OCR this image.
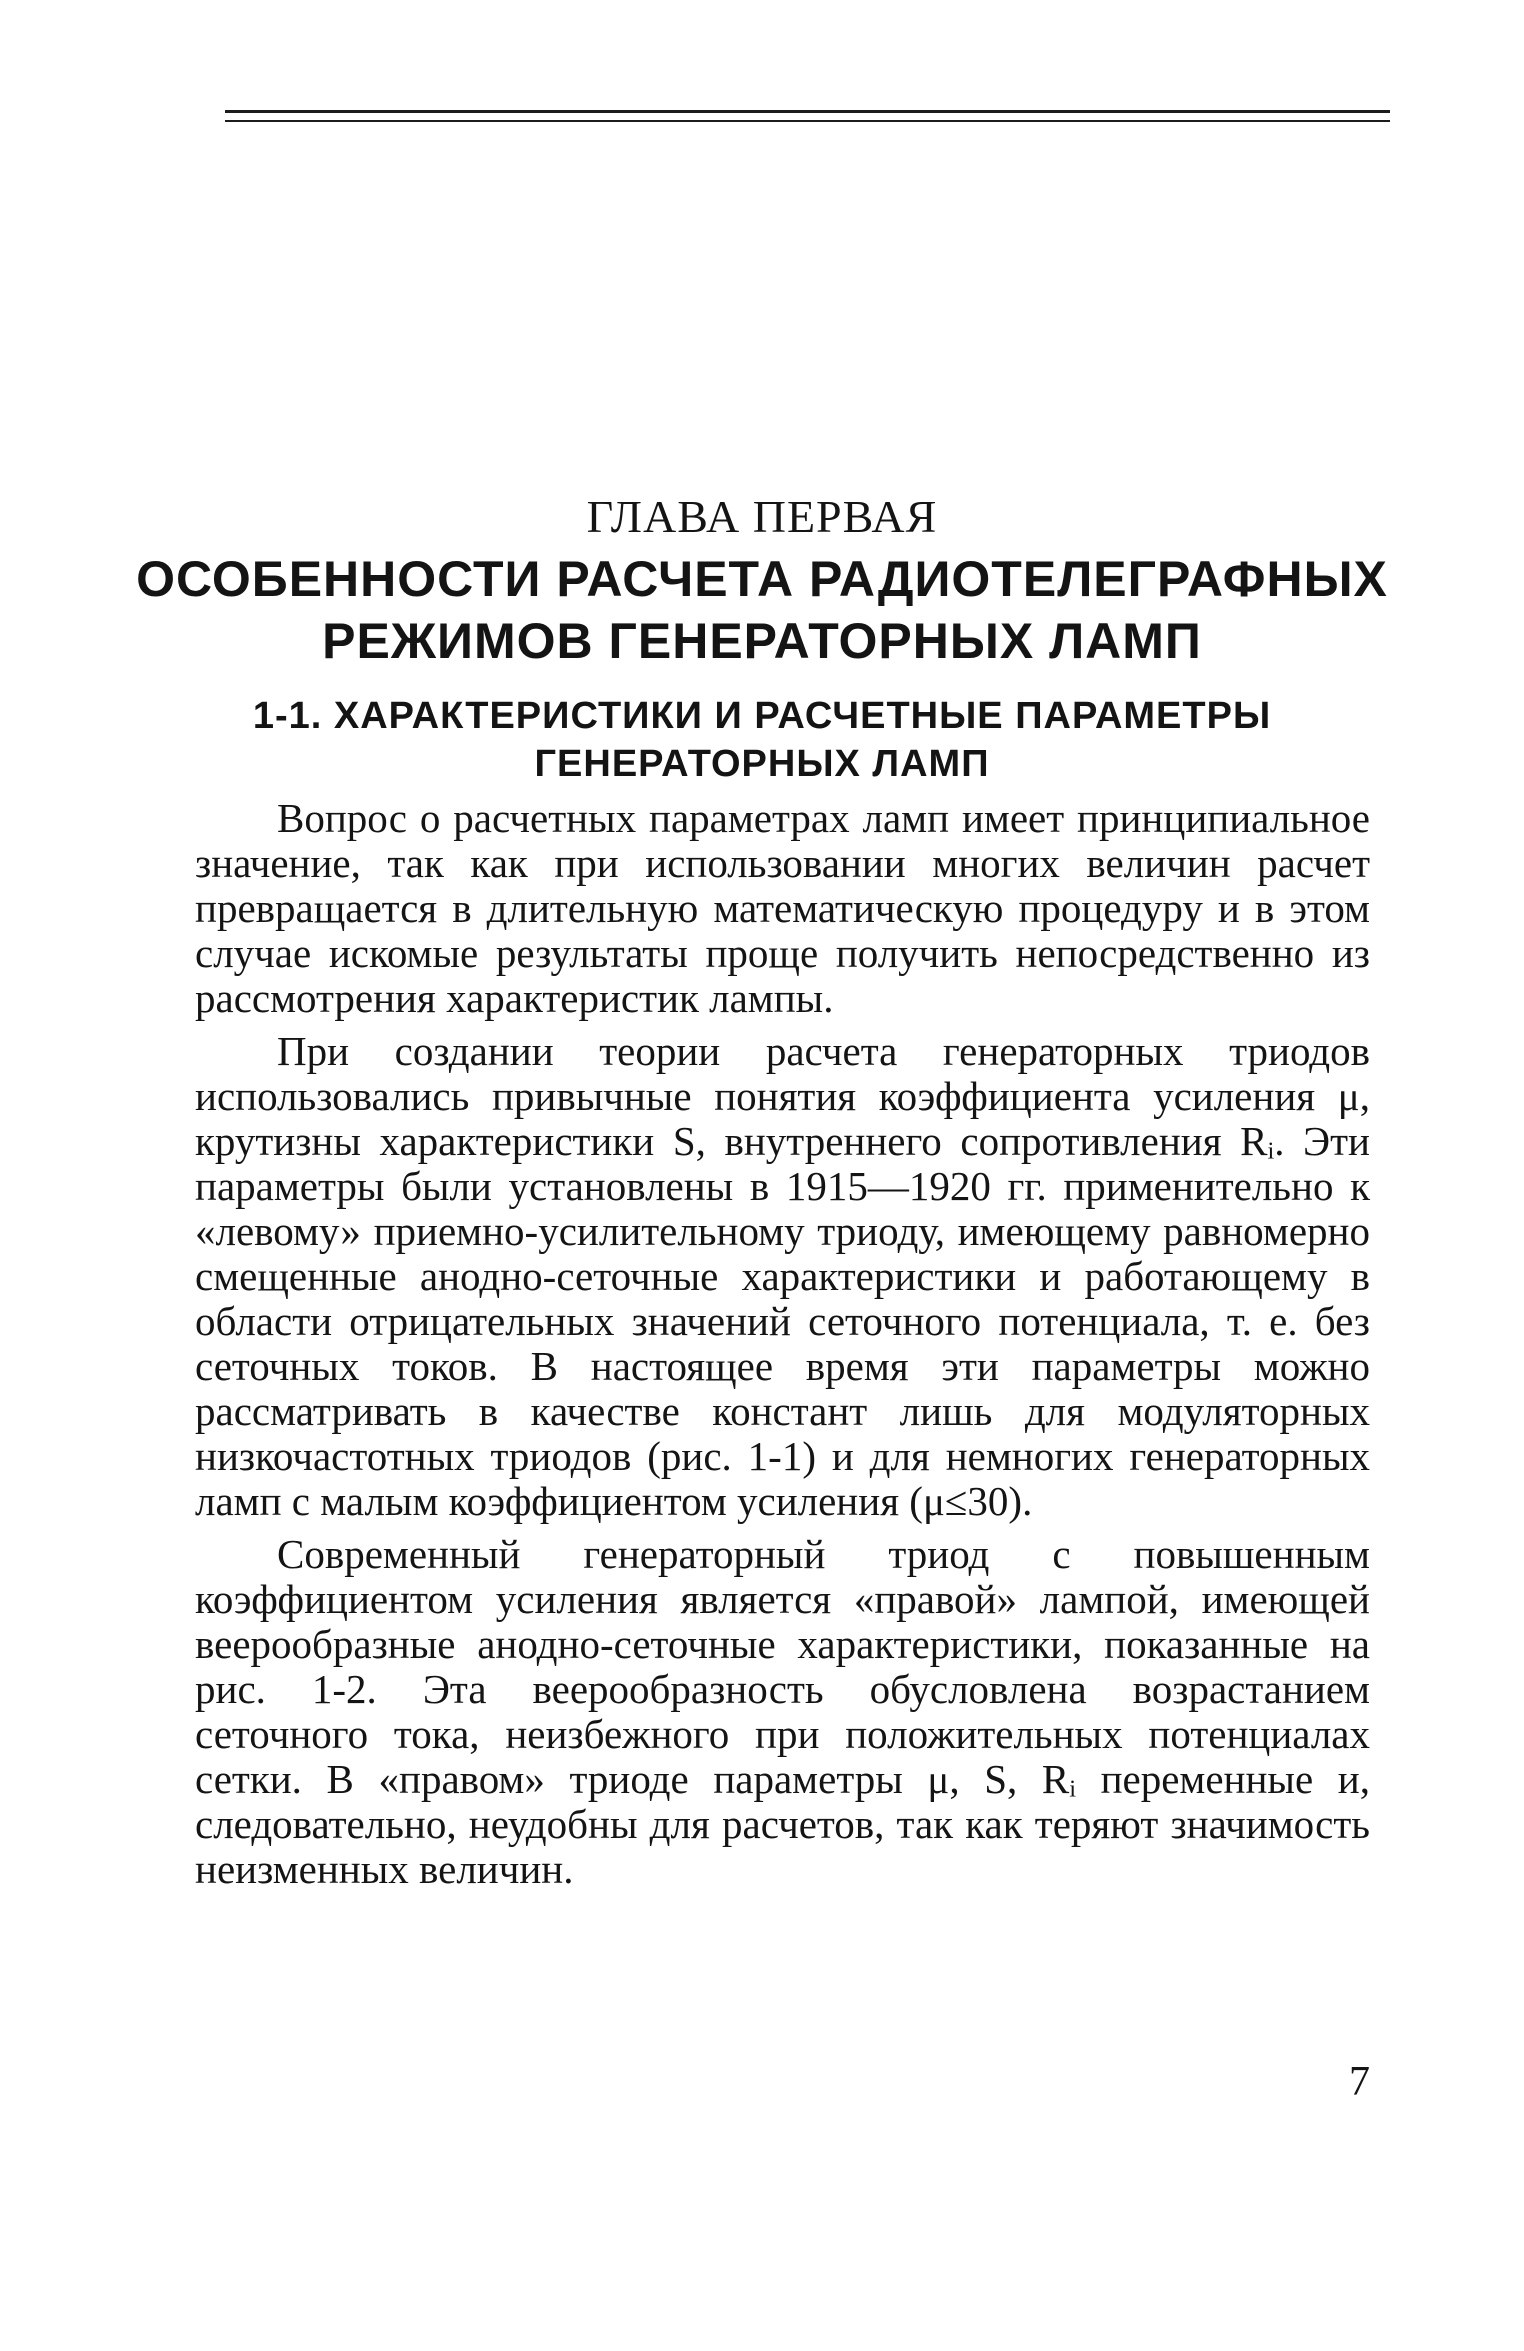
ГЛАВА ПЕРВАЯ
ОСОБЕННОСТИ РАСЧЕТА РАДИОТЕЛЕГРАФНЫХ
РЕЖИМОВ ГЕНЕРАТОРНЫХ ЛАМП
1-1. ХАРАКТЕРИСТИКИ И РАСЧЕТНЫЕ ПАРАМЕТРЫ
ГЕНЕРАТОРНЫХ ЛАМП

Вопрос о расчетных параметрах ламп имеет принципиальное значение, так как при использовании многих величин расчет превращается в длительную математическую процедуру и в этом случае искомые результаты проще получить непосредственно из рассмотрения характеристик лампы.

При создании теории расчета генераторных триодов использовались привычные понятия коэффициента усиления μ, крутизны характеристики S, внутреннего сопротивления Rᵢ. Эти параметры были установлены в 1915—1920 гг. применительно к «левому» приемно-усилительному триоду, имеющему равномерно смещенные анодно-сеточные характеристики и работающему в области отрицательных значений сеточного потенциала, т. е. без сеточных токов. В настоящее время эти параметры можно рассматривать в качестве констант лишь для модуляторных низкочастотных триодов (рис. 1-1) и для немногих генераторных ламп с малым коэффициентом усиления (μ≤30).

Современный генераторный триод с повышенным коэффициентом усиления является «правой» лампой, имеющей веерообразные анодно-сеточные характеристики, показанные на рис. 1-2. Эта веерообразность обусловлена возрастанием сеточного тока, неизбежного при положительных потенциалах сетки. В «правом» триоде параметры μ, S, Rᵢ переменные и, следовательно, неудобны для расчетов, так как теряют значимость неизменных величин.

7
